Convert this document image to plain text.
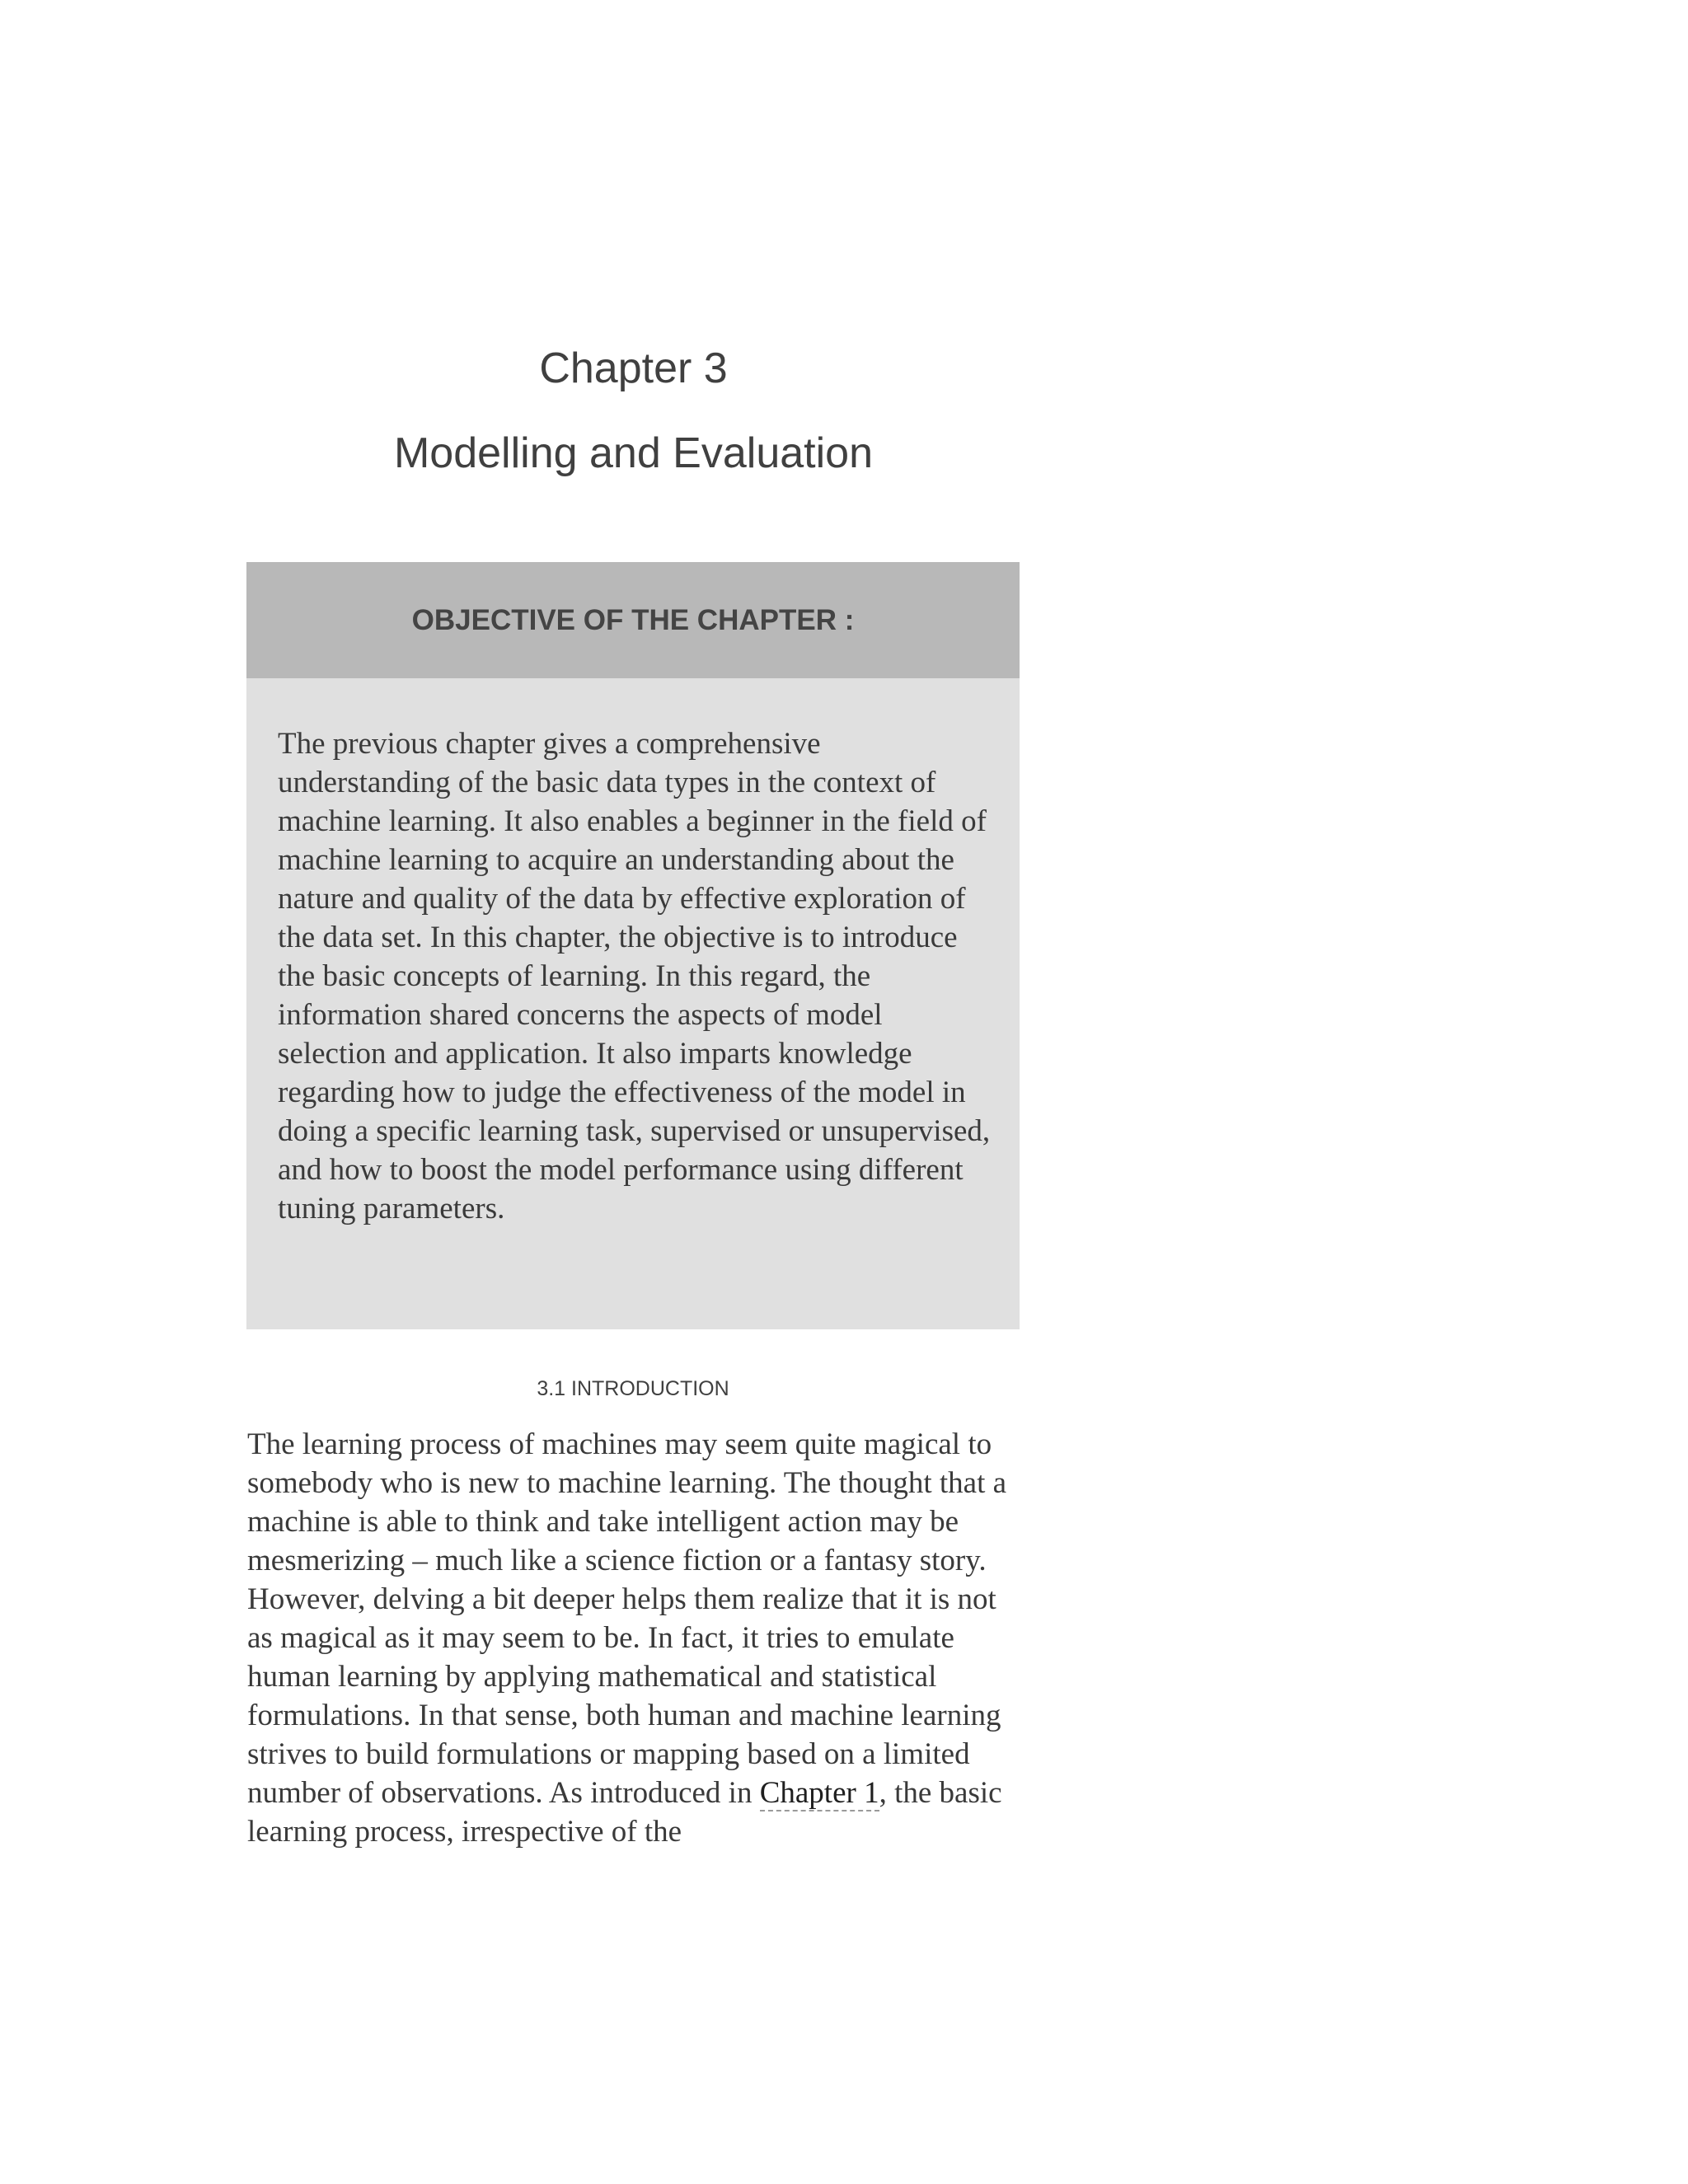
Chapter 3
Modelling and Evaluation
OBJECTIVE OF THE CHAPTER :

The previous chapter gives a comprehensive understanding of the basic data types in the context of machine learning. It also enables a beginner in the field of machine learning to acquire an understanding about the nature and quality of the data by effective exploration of the data set. In this chapter, the objective is to introduce the basic concepts of learning. In this regard, the information shared concerns the aspects of model selection and application. It also imparts knowledge regarding how to judge the effectiveness of the model in doing a specific learning task, supervised or unsupervised, and how to boost the model performance using different tuning parameters.

3.1 INTRODUCTION

The learning process of machines may seem quite magical to somebody who is new to machine learning. The thought that a machine is able to think and take intelligent action may be mesmerizing – much like a science fiction or a fantasy story. However, delving a bit deeper helps them realize that it is not as magical as it may seem to be. In fact, it tries to emulate human learning by applying mathematical and statistical formulations. In that sense, both human and machine learning strives to build formulations or mapping based on a limited number of observations. As introduced in Chapter 1, the basic learning process, irrespective of the
